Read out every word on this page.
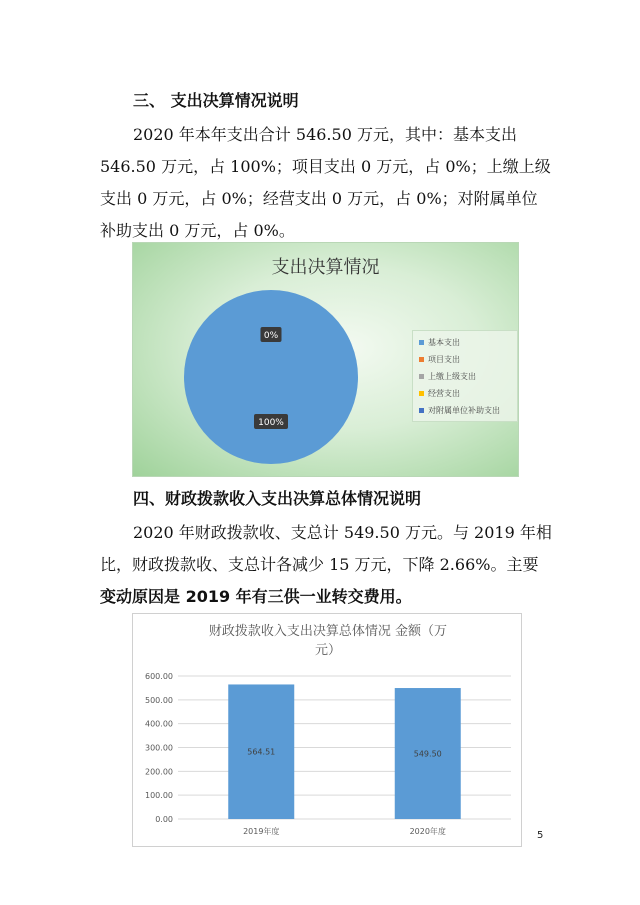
三、 支出决算情况说明
2020 年本年支出合计 546.50 万元，其中：基本支出
546.50 万元，占 100%；项目支出 0 万元，占 0%；上缴上级
支出 0 万元，占 0%；经营支出 0 万元，占 0%；对附属单位
补助支出 0 万元，占 0%。
支出决算情况
100%
0%
基本支出
项目支出
上缴上级支出
经营支出
对附属单位补助支出
四、财政拨款收入支出决算总体情况说明
2020 年财政拨款收、支总计 549.50 万元。与 2019 年相
比，财政拨款收、支总计各减少 15 万元，下降 2.66%。主要
变动原因是 2019 年有三供一业转交费用。
财政拨款收入支出决算总体情况 金额（万
元）
0.00
100.00
200.00
300.00
400.00
500.00
600.00
564.51
2019年度
549.50
2020年度	5
